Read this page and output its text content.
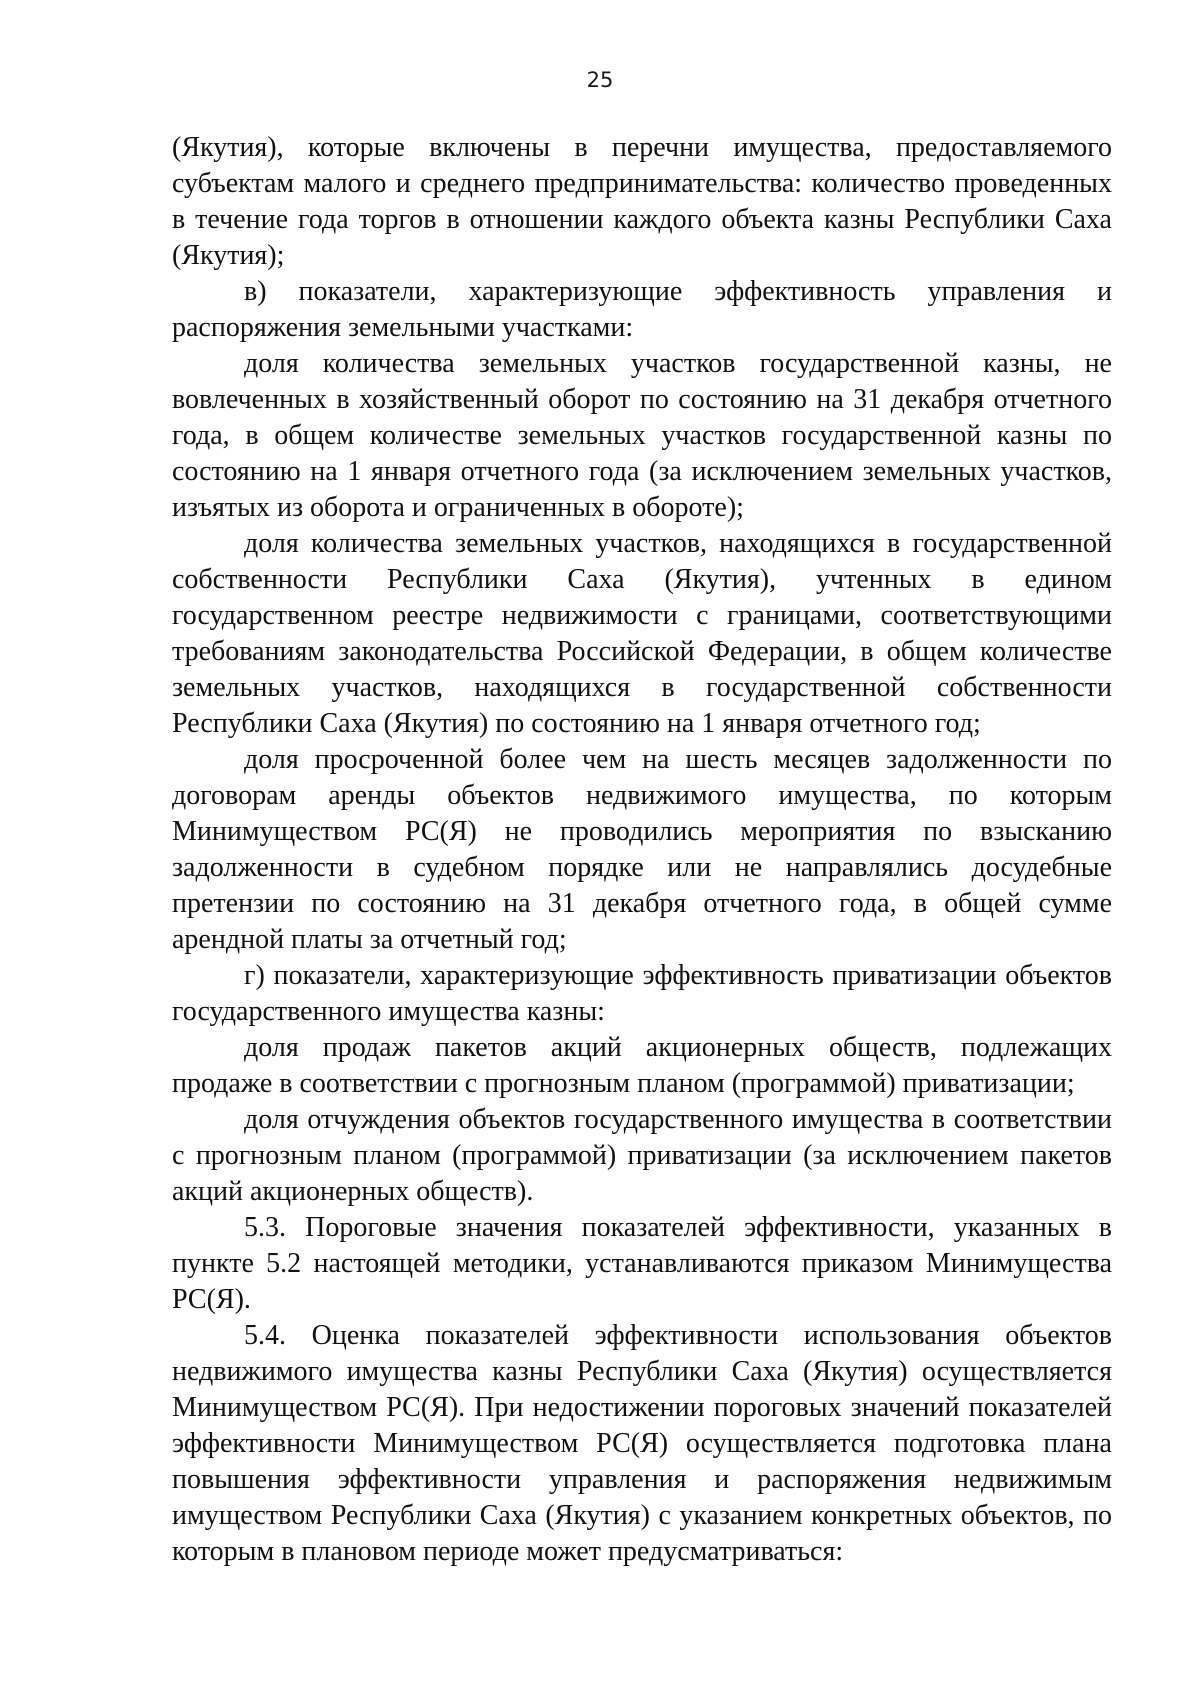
25

(Якутия), которые включены в перечни имущества, предоставляемого субъектам малого и среднего предпринимательства: количество проведенных в течение года торгов в отношении каждого объекта казны Республики Саха (Якутия);

в) показатели, характеризующие эффективность управления и распоряжения земельными участками:

доля количества земельных участков государственной казны, не вовлеченных в хозяйственный оборот по состоянию на 31 декабря отчетного года, в общем количестве земельных участков государственной казны по состоянию на 1 января отчетного года (за исключением земельных участков, изъятых из оборота и ограниченных в обороте);

доля количества земельных участков, находящихся в государственной собственности Республики Саха (Якутия), учтенных в едином государственном реестре недвижимости с границами, соответствующими требованиям законодательства Российской Федерации, в общем количестве земельных участков, находящихся в государственной собственности Республики Саха (Якутия) по состоянию на 1 января отчетного год;

доля просроченной более чем на шесть месяцев задолженности по договорам аренды объектов недвижимого имущества, по которым Минимуществом РС(Я) не проводились мероприятия по взысканию задолженности в судебном порядке или не направлялись досудебные претензии по состоянию на 31 декабря отчетного года, в общей сумме арендной платы за отчетный год;

г) показатели, характеризующие эффективность приватизации объектов государственного имущества казны:

доля продаж пакетов акций акционерных обществ, подлежащих продаже в соответствии с прогнозным планом (программой) приватизации;

доля отчуждения объектов государственного имущества в соответствии с прогнозным планом (программой) приватизации (за исключением пакетов акций акционерных обществ).

5.3. Пороговые значения показателей эффективности, указанных в пункте 5.2 настоящей методики, устанавливаются приказом Минимущества РС(Я).

5.4. Оценка показателей эффективности использования объектов недвижимого имущества казны Республики Саха (Якутия) осуществляется Минимуществом РС(Я). При недостижении пороговых значений показателей эффективности Минимуществом РС(Я) осуществляется подготовка плана повышения эффективности управления и распоряжения недвижимым имуществом Республики Саха (Якутия) с указанием конкретных объектов, по которым в плановом периоде может предусматриваться:
